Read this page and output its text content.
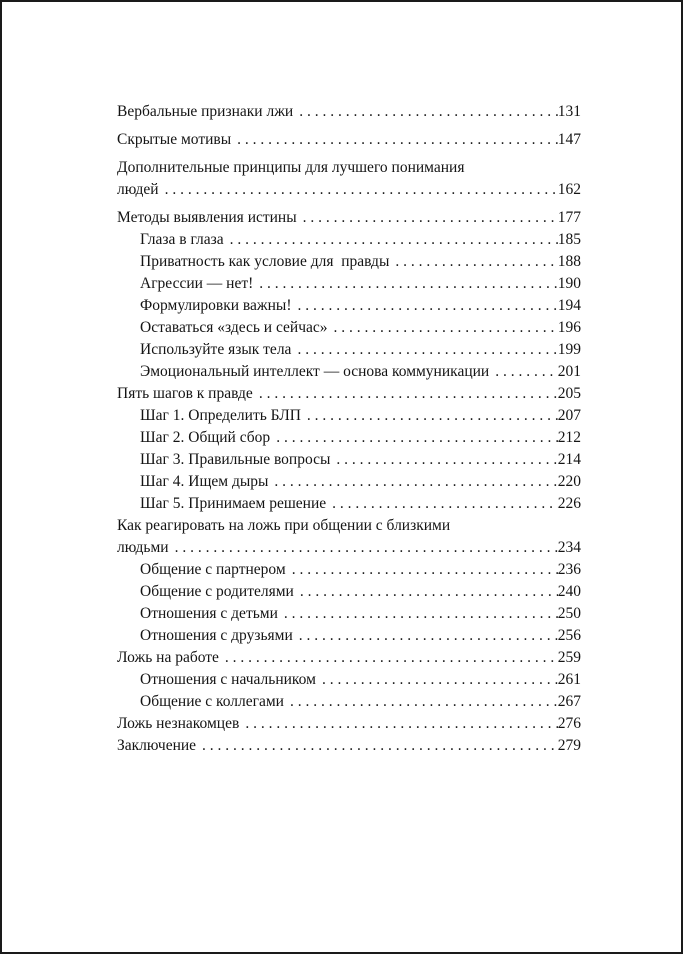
Вербальные признаки лжи . . .	131
Скрытые мотивы . . .	147
Дополнительные принципы для лучшего понимания
людей . . .	162
Методы выявления истины . . .	177
Глаза в глаза . . .	185
Приватность как условие для  правды . . .	188
Агрессии — нет! . . .	190
Формулировки важны! . . .	194
Оставаться «здесь и сейчас» . . .	196
Используйте язык тела . . .	199
Эмоциональный интеллект — основа коммуникации . . .	201
Пять шагов к правде . . .	205
Шаг 1. Определить БЛП . . .	207
Шаг 2. Общий сбор . . .	212
Шаг 3. Правильные вопросы . . .	214
Шаг 4. Ищем дыры . . .	220
Шаг 5. Принимаем решение . . .	226
Как реагировать на ложь при общении с близкими
людьми . . .	234
Общение с партнером . . .	236
Общение с родителями . . .	240
Отношения с детьми . . .	250
Отношения с друзьями . . .	256
Ложь на работе . . .	259
Отношения с начальником . . .	261
Общение с коллегами . . .	267
Ложь незнакомцев . . .	276
Заключение . . .	279
